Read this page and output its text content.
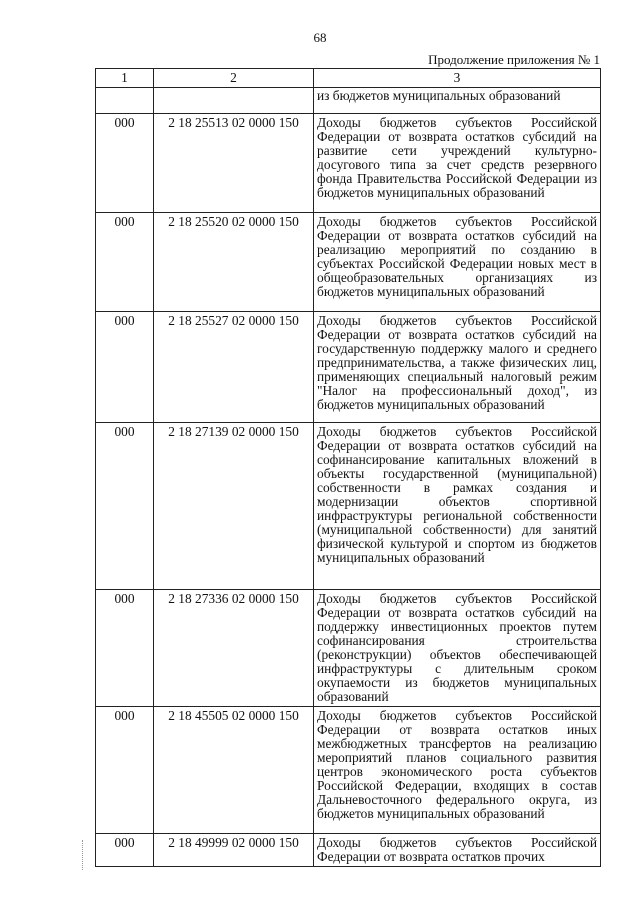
68
Продолжение приложения № 1
1	2	3
		из бюджетов муниципальных образований
000	2 18 25513 02 0000 150	Доходы бюджетов субъектов Российской Федерации от возврата остатков субсидий на развитие сети учреждений культурно-досугового типа за счет средств резервного фонда Правительства Российской Федерации из бюджетов муниципальных образований
000	2 18 25520 02 0000 150	Доходы бюджетов субъектов Российской Федерации от возврата остатков субсидий на реализацию мероприятий по созданию в субъектах Российской Федерации новых мест в общеобразовательных организациях из бюджетов муниципальных образований
000	2 18 25527 02 0000 150	Доходы бюджетов субъектов Российской Федерации от возврата остатков субсидий на государственную поддержку малого и среднего предпринимательства, а также физических лиц, применяющих специальный налоговый режим "Налог на профессиональный доход", из бюджетов муниципальных образований
000	2 18 27139 02 0000 150	Доходы бюджетов субъектов Российской Федерации от возврата остатков субсидий на софинансирование капитальных вложений в объекты государственной (муниципальной) собственности в рамках создания и модернизации объектов спортивной инфраструктуры региональной собственности (муниципальной собственности) для занятий физической культурой и спортом из бюджетов муниципальных образований
000	2 18 27336 02 0000 150	Доходы бюджетов субъектов Российской Федерации от возврата остатков субсидий на поддержку инвестиционных проектов путем софинансирования строительства (реконструкции) объектов обеспечивающей инфраструктуры с длительным сроком окупаемости из бюджетов муниципальных образований
000	2 18 45505 02 0000 150	Доходы бюджетов субъектов Российской Федерации от возврата остатков иных межбюджетных трансфертов на реализацию мероприятий планов социального развития центров экономического роста субъектов Российской Федерации, входящих в состав Дальневосточного федерального округа, из бюджетов муниципальных образований
000	2 18 49999 02 0000 150	Доходы бюджетов субъектов Российской Федерации от возврата остатков прочих
